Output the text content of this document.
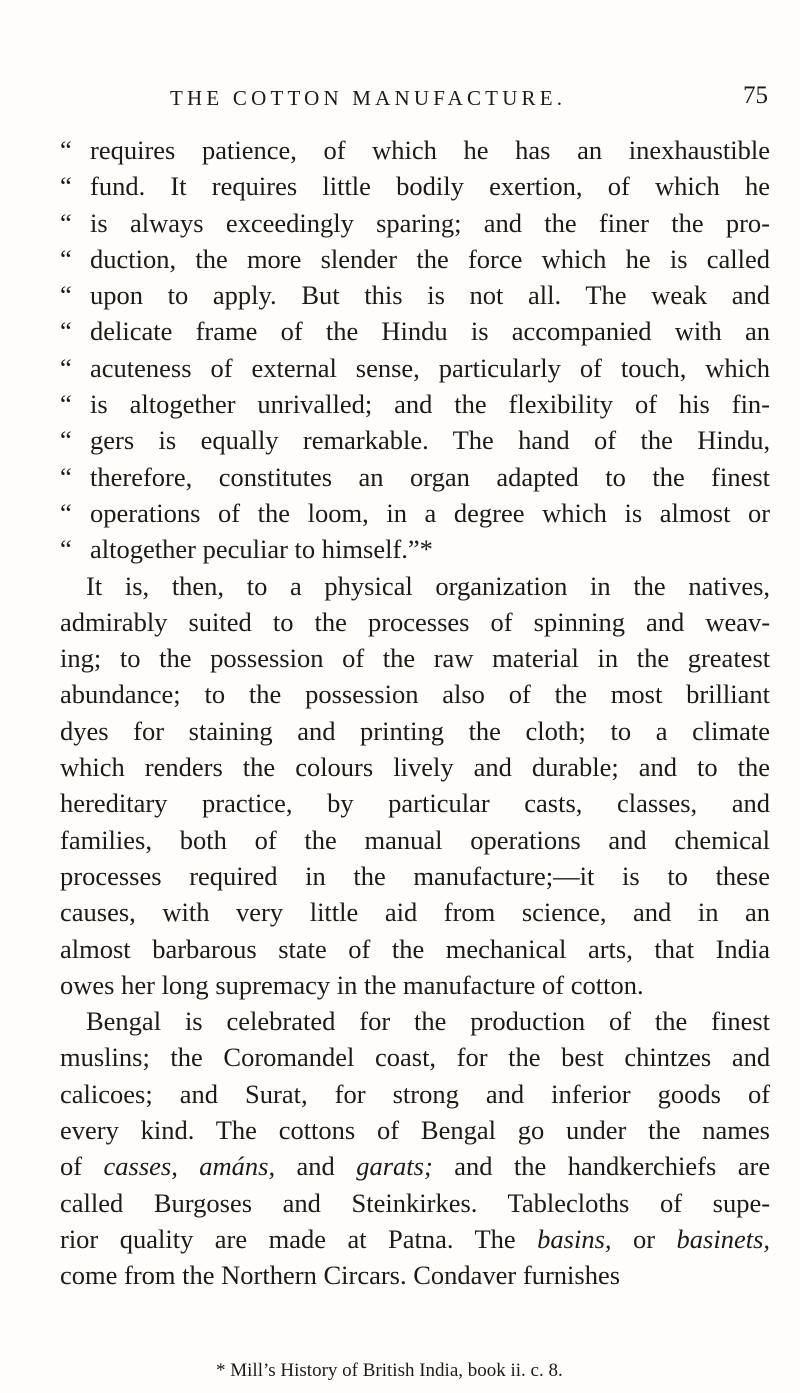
THE COTTON MANUFACTURE.	75
“ requires patience, of which he has an inexhaustible
“ fund. It requires little bodily exertion, of which he
“ is always exceedingly sparing; and the finer the pro-
“ duction, the more slender the force which he is called
“ upon to apply. But this is not all. The weak and
“ delicate frame of the Hindu is accompanied with an
“ acuteness of external sense, particularly of touch, which
“ is altogether unrivalled; and the flexibility of his fin-
“ gers is equally remarkable. The hand of the Hindu,
“ therefore, constitutes an organ adapted to the finest
“ operations of the loom, in a degree which is almost or
“ altogether peculiar to himself.”*
It is, then, to a physical organization in the natives,
admirably suited to the processes of spinning and weav-
ing; to the possession of the raw material in the greatest
abundance; to the possession also of the most brilliant
dyes for staining and printing the cloth; to a climate
which renders the colours lively and durable; and to the
hereditary practice, by particular casts, classes, and
families, both of the manual operations and chemical
processes required in the manufacture;—it is to these
causes, with very little aid from science, and in an
almost barbarous state of the mechanical arts, that India
owes her long supremacy in the manufacture of cotton.
Bengal is celebrated for the production of the finest
muslins; the Coromandel coast, for the best chintzes and
calicoes; and Surat, for strong and inferior goods of
every kind. The cottons of Bengal go under the names
of casses, amáns, and garats; and the handkerchiefs are
called Burgoses and Steinkirkes. Tablecloths of supe-
rior quality are made at Patna. The basins, or basinets,
come from the Northern Circars. Condaver furnishes
* Mill’s History of British India, book ii. c. 8.
